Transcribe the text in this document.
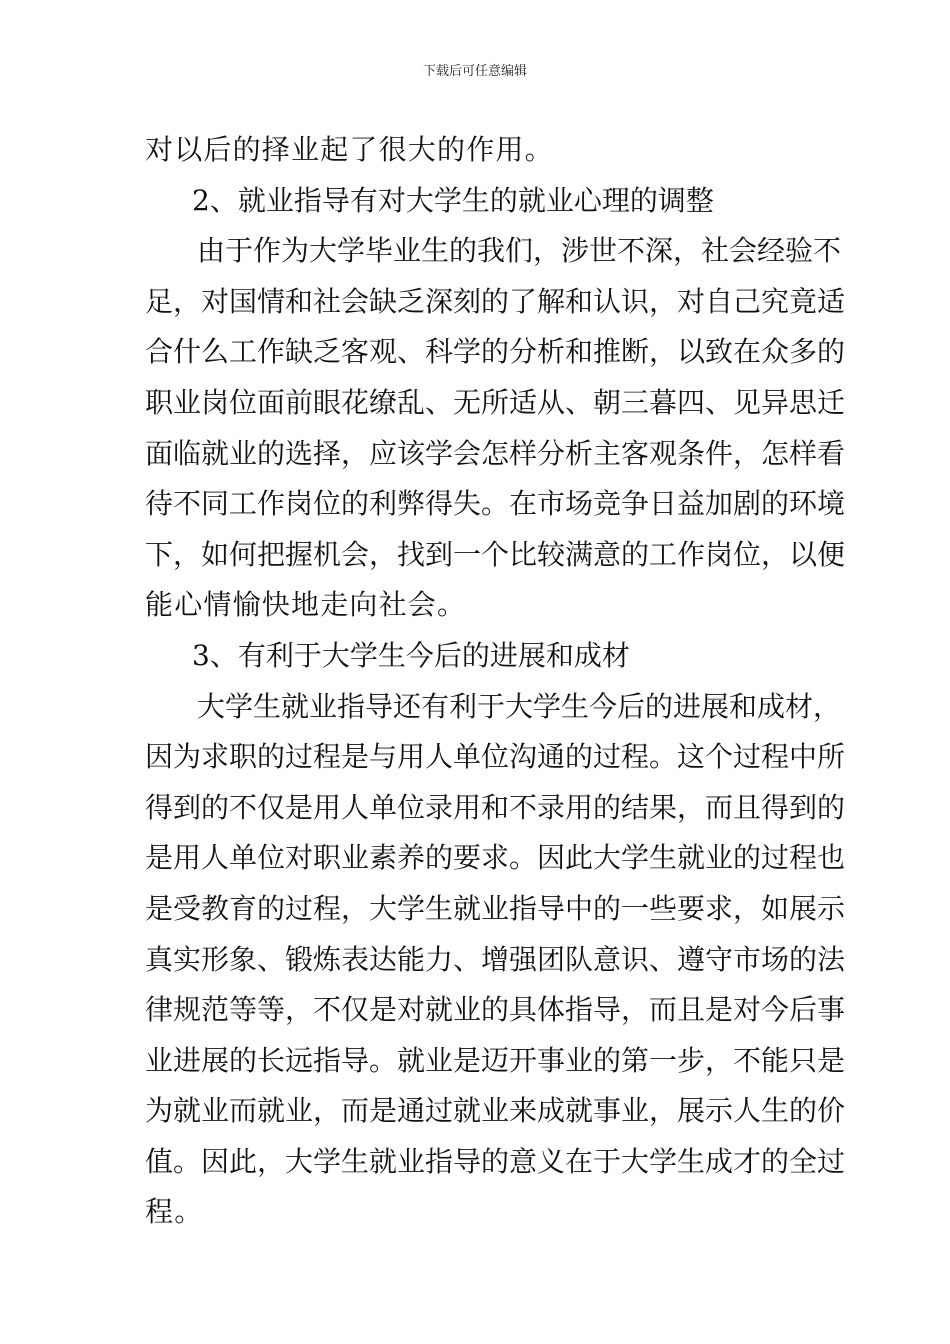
下载后可任意编辑
对以后的择业起了很大的作用。
2、就业指导有对大学生的就业心理的调整
由于作为大学毕业生的我们，涉世不深，社会经验不
足，对国情和社会缺乏深刻的了解和认识，对自己究竟适
合什么工作缺乏客观、科学的分析和推断，以致在众多的
职业岗位面前眼花缭乱、无所适从、朝三暮四、见异思迁
面临就业的选择，应该学会怎样分析主客观条件，怎样看
待不同工作岗位的利弊得失。在市场竞争日益加剧的环境
下，如何把握机会，找到一个比较满意的工作岗位，以便
能心情愉快地走向社会。
3、有利于大学生今后的进展和成材
大学生就业指导还有利于大学生今后的进展和成材，
因为求职的过程是与用人单位沟通的过程。这个过程中所
得到的不仅是用人单位录用和不录用的结果，而且得到的
是用人单位对职业素养的要求。因此大学生就业的过程也
是受教育的过程，大学生就业指导中的一些要求，如展示
真实形象、锻炼表达能力、增强团队意识、遵守市场的法
律规范等等，不仅是对就业的具体指导，而且是对今后事
业进展的长远指导。就业是迈开事业的第一步，不能只是
为就业而就业，而是通过就业来成就事业，展示人生的价
值。因此，大学生就业指导的意义在于大学生成才的全过
程。
